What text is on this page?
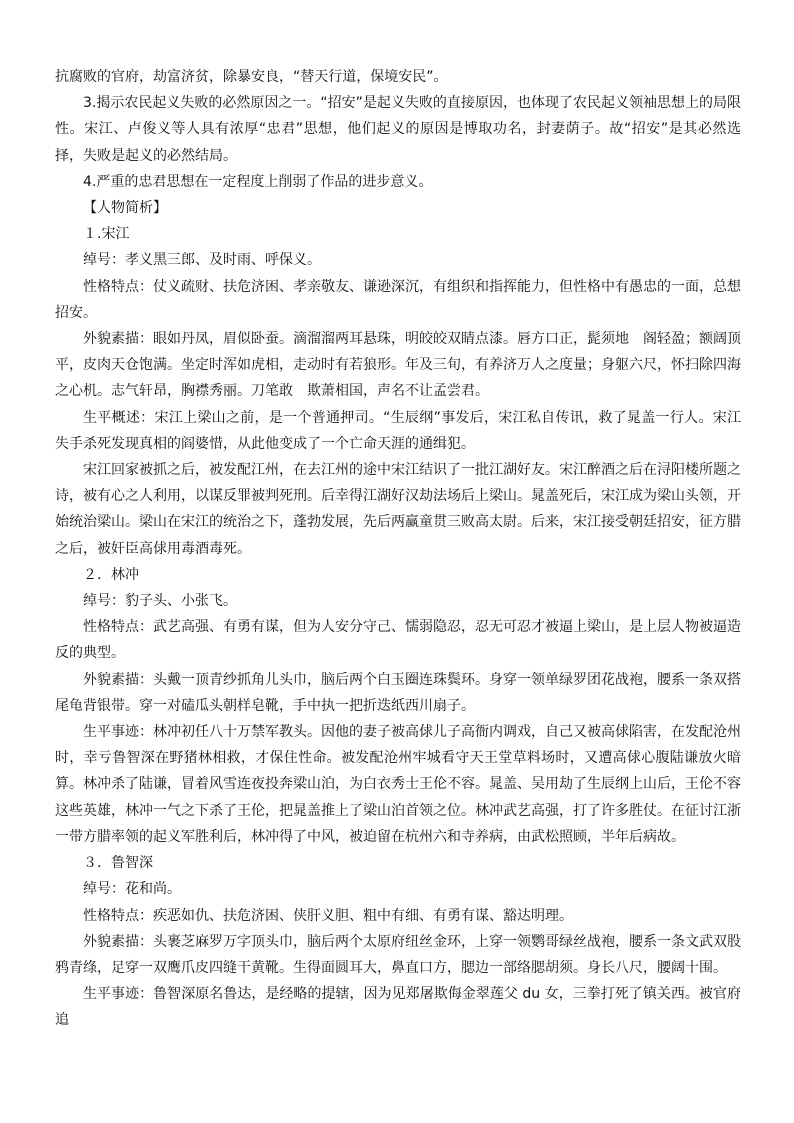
抗腐败的官府，劫富济贫，除暴安良，“替天行道，保境安民”。

3.揭示农民起义失败的必然原因之一。“招安”是起义失败的直接原因，也体现了农民起义领袖思想上的局限性。宋江、卢俊义等人具有浓厚“忠君”思想，他们起义的原因是博取功名，封妻荫子。故“招安”是其必然选择，失败是起义的必然结局。

4.严重的忠君思想在一定程度上削弱了作品的进步意义。

【人物简析】

１.宋江

绰号：孝义黑三郎、及时雨、呼保义。

性格特点：仗义疏财、扶危济困、孝亲敬友、谦逊深沉，有组织和指挥能力，但性格中有愚忠的一面，总想招安。

外貌素描：眼如丹凤，眉似卧蚕。滴溜溜两耳悬珠，明皎皎双睛点漆。唇方口正，髭须地　阁轻盈；额阔顶平，皮肉天仓饱满。坐定时浑如虎相，走动时有若狼形。年及三旬，有养济万人之度量；身躯六尺，怀扫除四海之心机。志气轩昂，胸襟秀丽。刀笔敢　欺萧相国，声名不让孟尝君。

生平概述：宋江上梁山之前，是一个普通押司。“生辰纲”事发后，宋江私自传讯，救了晁盖一行人。宋江失手杀死发现真相的阎婆惜，从此他变成了一个亡命天涯的通缉犯。

宋江回家被抓之后，被发配江州，在去江州的途中宋江结识了一批江湖好友。宋江醉酒之后在浔阳楼所题之诗，被有心之人利用，以谋反罪被判死刑。后幸得江湖好汉劫法场后上梁山。晁盖死后，宋江成为梁山头领，开始统治梁山。梁山在宋江的统治之下，蓬勃发展，先后两赢童贯三败高太尉。后来，宋江接受朝廷招安，征方腊之后，被奸臣高俅用毒酒毒死。

２．林冲

绰号：豹子头、小张飞。

性格特点：武艺高强、有勇有谋，但为人安分守己、懦弱隐忍，忍无可忍才被逼上梁山，是上层人物被逼造反的典型。

外貌素描：头戴一顶青纱抓角儿头巾，脑后两个白玉圈连珠鬓环。身穿一领单绿罗团花战袍，腰系一条双搭尾龟背银带。穿一对磕瓜头朝样皂靴，手中执一把折迭纸西川扇子。

生平事迹：林冲初任八十万禁军教头。因他的妻子被高俅儿子高衙内调戏，自己又被高俅陷害，在发配沧州时，幸亏鲁智深在野猪林相救，才保住性命。被发配沧州牢城看守天王堂草料场时，又遭高俅心腹陆谦放火暗算。林冲杀了陆谦，冒着风雪连夜投奔梁山泊，为白衣秀士王伦不容。晁盖、吴用劫了生辰纲上山后，王伦不容这些英雄，林冲一气之下杀了王伦，把晁盖推上了梁山泊首领之位。林冲武艺高强，打了许多胜仗。在征讨江浙一带方腊率领的起义军胜利后，林冲得了中风，被迫留在杭州六和寺养病，由武松照顾，半年后病故。

３．鲁智深

绰号：花和尚。

性格特点：疾恶如仇、扶危济困、侠肝义胆、粗中有细、有勇有谋、豁达明理。

外貌素描：头裹芝麻罗万字顶头巾，脑后两个太原府纽丝金环，上穿一领鹦哥绿丝战袍，腰系一条文武双股鸦青绦，足穿一双鹰爪皮四缝干黄靴。生得面圆耳大，鼻直口方，腮边一部络腮胡须。身长八尺，腰阔十围。

生平事迹：鲁智深原名鲁达，是经略的提辖，因为见郑屠欺侮金翠莲父 du 女，三拳打死了镇关西。被官府追
